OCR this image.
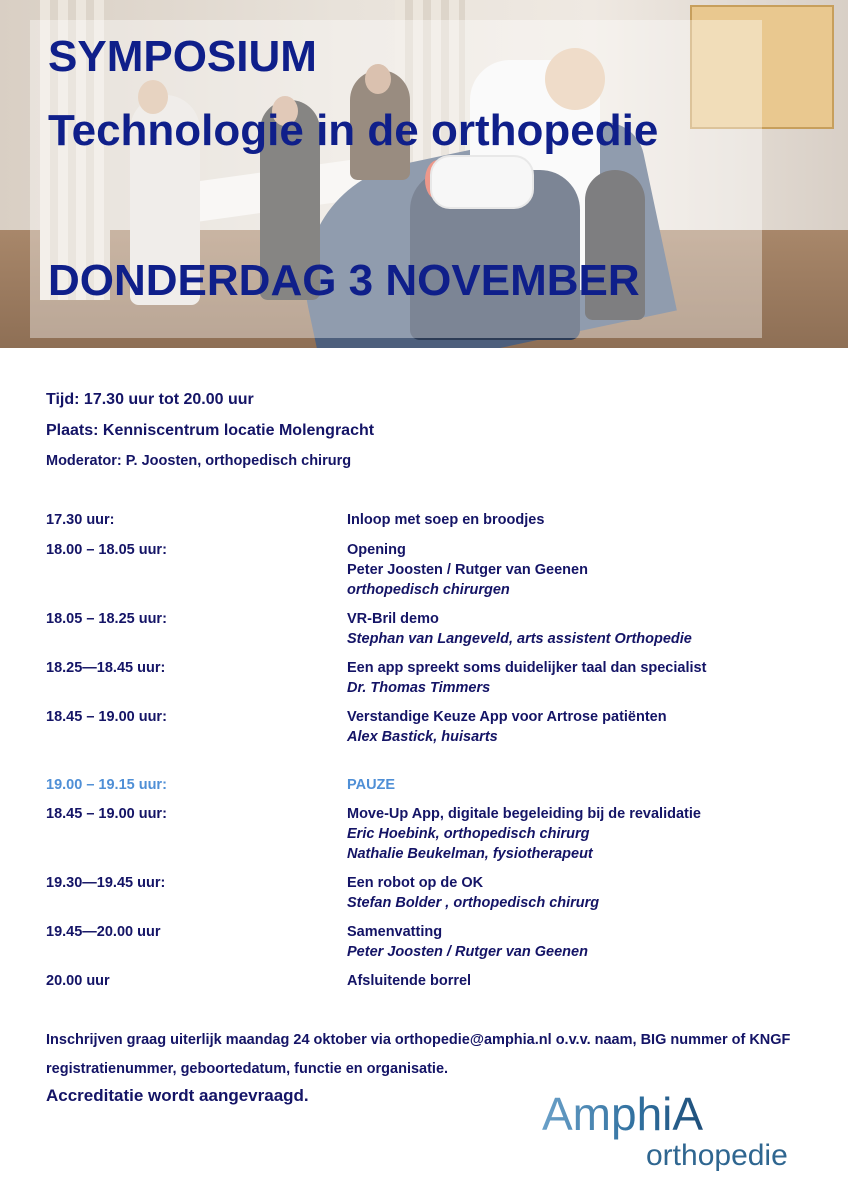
SYMPOSIUM
Technologie in de orthopedie
DONDERDAG 3 NOVEMBER
Tijd: 17.30 uur tot 20.00 uur
Plaats: Kenniscentrum locatie Molengracht
Moderator: P. Joosten, orthopedisch chirurg
17.30 uur:	Inloop met soep en broodjes
18.00 – 18.05 uur:	Opening
Peter Joosten / Rutger van Geenen
orthopedisch chirurgen
18.05 – 18.25 uur:	VR-Bril demo
Stephan van Langeveld, arts assistent Orthopedie
18.25—18.45 uur:	Een app spreekt soms duidelijker taal dan specialist
Dr. Thomas Timmers
18.45 – 19.00 uur:	Verstandige Keuze App voor Artrose patiënten
Alex Bastick, huisarts
19.00 – 19.15 uur:	PAUZE
18.45 – 19.00 uur:	Move-Up App, digitale begeleiding bij de revalidatie
Eric Hoebink, orthopedisch chirurg
Nathalie Beukelman, fysiotherapeut
19.30—19.45 uur:	Een robot op de OK
Stefan Bolder , orthopedisch chirurg
19.45—20.00 uur	Samenvatting
Peter Joosten / Rutger van Geenen
20.00 uur	Afsluitende borrel
Inschrijven graag uiterlijk maandag 24 oktober via orthopedie@amphia.nl o.v.v. naam, BIG nummer of KNGF registratienummer, geboortedatum, functie en organisatie.
Accreditatie wordt aangevraagd.	AmphiA
orthopedie
